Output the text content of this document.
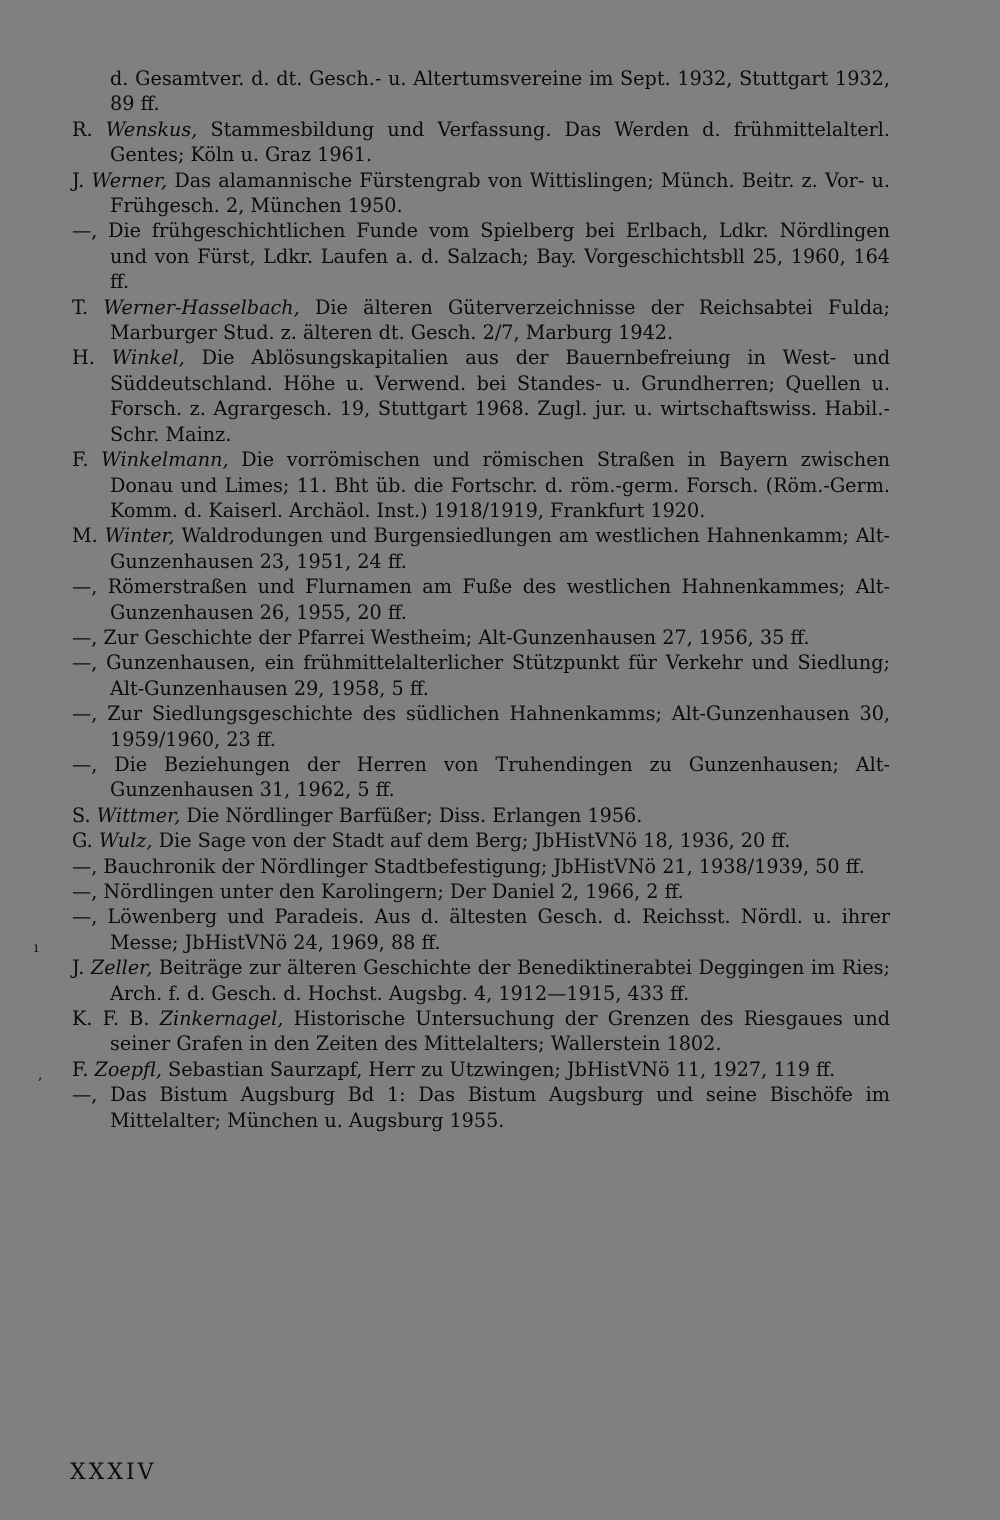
d. Gesamtver. d. dt. Gesch.- u. Altertumsvereine im Sept. 1932, Stuttgart 1932, 89 ff.

R. Wenskus, Stammesbildung und Verfassung. Das Werden d. frühmittelalterl. Gentes; Köln u. Graz 1961.

J. Werner, Das alamannische Fürstengrab von Wittislingen; Münch. Beitr. z. Vor- u. Frühgesch. 2, München 1950.

—, Die frühgeschichtlichen Funde vom Spielberg bei Erlbach, Ldkr. Nördlingen und von Fürst, Ldkr. Laufen a. d. Salzach; Bay. Vorgeschichtsbll 25, 1960, 164 ff.

T. Werner-Hasselbach, Die älteren Güterverzeichnisse der Reichsabtei Fulda; Marburger Stud. z. älteren dt. Gesch. 2/7, Marburg 1942.

H. Winkel, Die Ablösungskapitalien aus der Bauernbefreiung in West- und Süddeutschland. Höhe u. Verwend. bei Standes- u. Grundherren; Quellen u. Forsch. z. Agrargesch. 19, Stuttgart 1968. Zugl. jur. u. wirtschaftswiss. Habil.-Schr. Mainz.

F. Winkelmann, Die vorrömischen und römischen Straßen in Bayern zwischen Donau und Limes; 11. Bht üb. die Fortschr. d. röm.-germ. Forsch. (Röm.-Germ. Komm. d. Kaiserl. Archäol. Inst.) 1918/1919, Frankfurt 1920.

M. Winter, Waldrodungen und Burgensiedlungen am westlichen Hahnenkamm; Alt-Gunzenhausen 23, 1951, 24 ff.

—, Römerstraßen und Flurnamen am Fuße des westlichen Hahnenkammes; Alt-Gunzenhausen 26, 1955, 20 ff.

—, Zur Geschichte der Pfarrei Westheim; Alt-Gunzenhausen 27, 1956, 35 ff.

—, Gunzenhausen, ein frühmittelalterlicher Stützpunkt für Verkehr und Siedlung; Alt-Gunzenhausen 29, 1958, 5 ff.

—, Zur Siedlungsgeschichte des südlichen Hahnenkamms; Alt-Gunzenhausen 30, 1959/1960, 23 ff.

—, Die Beziehungen der Herren von Truhendingen zu Gunzenhausen; Alt-Gunzenhausen 31, 1962, 5 ff.

S. Wittmer, Die Nördlinger Barfüßer; Diss. Erlangen 1956.

G. Wulz, Die Sage von der Stadt auf dem Berg; JbHistVNö 18, 1936, 20 ff.

—, Bauchronik der Nördlinger Stadtbefestigung; JbHistVNö 21, 1938/1939, 50 ff.

—, Nördlingen unter den Karolingern; Der Daniel 2, 1966, 2 ff.

—, Löwenberg und Paradeis. Aus d. ältesten Gesch. d. Reichsst. Nördl. u. ihrer Messe; JbHistVNö 24, 1969, 88 ff.

J. Zeller, Beiträge zur älteren Geschichte der Benediktinerabtei Deggingen im Ries; Arch. f. d. Gesch. d. Hochst. Augsbg. 4, 1912—1915, 433 ff.

K. F. B. Zinkernagel, Historische Untersuchung der Grenzen des Riesgaues und seiner Grafen in den Zeiten des Mittelalters; Wallerstein 1802.

F. Zoepfl, Sebastian Saurzapf, Herr zu Utzwingen; JbHistVNö 11, 1927, 119 ff.

—, Das Bistum Augsburg Bd 1: Das Bistum Augsburg und seine Bischöfe im Mittelalter; München u. Augsburg 1955.

ı
,
XXXIV
